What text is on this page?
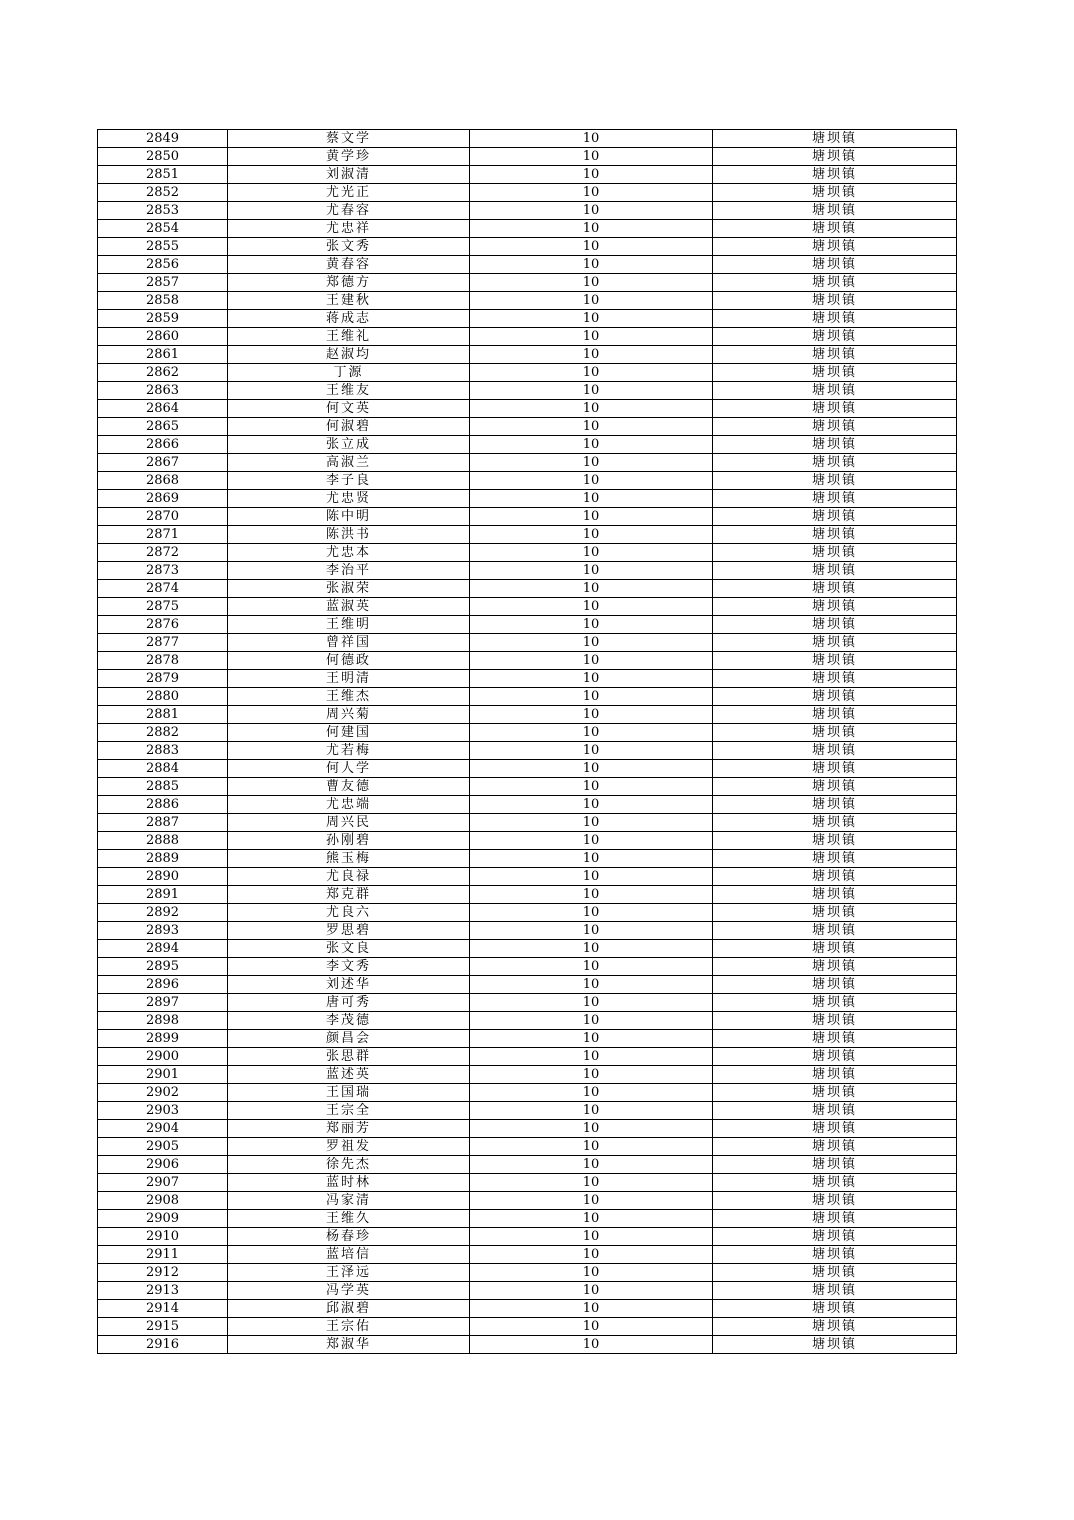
2849	蔡文学	10	塘坝镇
2850	黄学珍	10	塘坝镇
2851	刘淑清	10	塘坝镇
2852	尤光正	10	塘坝镇
2853	尤春容	10	塘坝镇
2854	尤忠祥	10	塘坝镇
2855	张文秀	10	塘坝镇
2856	黄春容	10	塘坝镇
2857	郑德方	10	塘坝镇
2858	王建秋	10	塘坝镇
2859	蒋成志	10	塘坝镇
2860	王维礼	10	塘坝镇
2861	赵淑均	10	塘坝镇
2862	丁源	10	塘坝镇
2863	王维友	10	塘坝镇
2864	何文英	10	塘坝镇
2865	何淑碧	10	塘坝镇
2866	张立成	10	塘坝镇
2867	高淑兰	10	塘坝镇
2868	李子良	10	塘坝镇
2869	尤忠贤	10	塘坝镇
2870	陈中明	10	塘坝镇
2871	陈洪书	10	塘坝镇
2872	尤忠本	10	塘坝镇
2873	李治平	10	塘坝镇
2874	张淑荣	10	塘坝镇
2875	蓝淑英	10	塘坝镇
2876	王维明	10	塘坝镇
2877	曾祥国	10	塘坝镇
2878	何德政	10	塘坝镇
2879	王明清	10	塘坝镇
2880	王维杰	10	塘坝镇
2881	周兴菊	10	塘坝镇
2882	何建国	10	塘坝镇
2883	尤若梅	10	塘坝镇
2884	何人学	10	塘坝镇
2885	曹友德	10	塘坝镇
2886	尤忠端	10	塘坝镇
2887	周兴民	10	塘坝镇
2888	孙刚碧	10	塘坝镇
2889	熊玉梅	10	塘坝镇
2890	尤良禄	10	塘坝镇
2891	郑克群	10	塘坝镇
2892	尤良六	10	塘坝镇
2893	罗思碧	10	塘坝镇
2894	张文良	10	塘坝镇
2895	李文秀	10	塘坝镇
2896	刘述华	10	塘坝镇
2897	唐可秀	10	塘坝镇
2898	李茂德	10	塘坝镇
2899	颜昌会	10	塘坝镇
2900	张思群	10	塘坝镇
2901	蓝述英	10	塘坝镇
2902	王国瑞	10	塘坝镇
2903	王宗全	10	塘坝镇
2904	郑丽芳	10	塘坝镇
2905	罗祖发	10	塘坝镇
2906	徐先杰	10	塘坝镇
2907	蓝时林	10	塘坝镇
2908	冯家清	10	塘坝镇
2909	王维久	10	塘坝镇
2910	杨春珍	10	塘坝镇
2911	蓝培信	10	塘坝镇
2912	王泽远	10	塘坝镇
2913	冯学英	10	塘坝镇
2914	邱淑碧	10	塘坝镇
2915	王宗佑	10	塘坝镇
2916	郑淑华	10	塘坝镇
